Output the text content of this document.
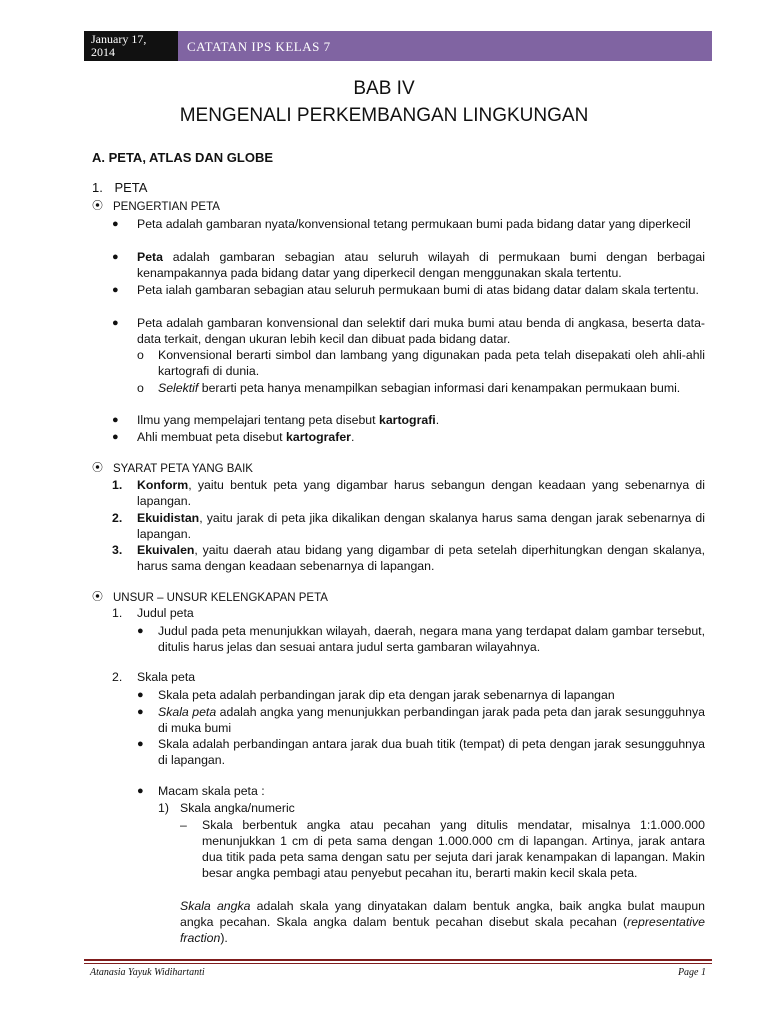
January 17,
2014	CATATAN IPS KELAS 7
BAB IV
MENGENALI PERKEMBANGAN LINGKUNGAN
A. PETA, ATLAS DAN GLOBE
1. PETA
⦿ PENGERTIAN PETA
● Peta adalah gambaran nyata/konvensional tetang permukaan bumi pada bidang datar yang diperkecil
● Peta adalah gambaran sebagian atau seluruh wilayah di permukaan bumi dengan berbagai kenampakannya pada bidang datar yang diperkecil dengan menggunakan skala tertentu.
● Peta ialah gambaran sebagian atau seluruh permukaan bumi di atas bidang datar dalam skala tertentu.
● Peta adalah gambaran konvensional dan selektif dari muka bumi atau benda di angkasa, beserta data-data terkait, dengan ukuran lebih kecil dan dibuat pada bidang datar.
o Konvensional berarti simbol dan lambang yang digunakan pada peta telah disepakati oleh ahli-ahli kartografi di dunia.
o Selektif berarti peta hanya menampilkan sebagian informasi dari kenampakan permukaan bumi.
● Ilmu yang mempelajari tentang peta disebut kartografi.
● Ahli membuat peta disebut kartografer.
⦿ SYARAT PETA YANG BAIK
1. Konform, yaitu bentuk peta yang digambar harus sebangun dengan keadaan yang sebenarnya di lapangan.
2. Ekuidistan, yaitu jarak di peta jika dikalikan dengan skalanya harus sama dengan jarak sebenarnya di lapangan.
3. Ekuivalen, yaitu daerah atau bidang yang digambar di peta setelah diperhitungkan dengan skalanya, harus sama dengan keadaan sebenarnya di lapangan.
⦿ UNSUR – UNSUR KELENGKAPAN PETA
1. Judul peta
● Judul pada peta menunjukkan wilayah, daerah, negara mana yang terdapat dalam gambar tersebut, ditulis harus jelas dan sesuai antara judul serta gambaran wilayahnya.
2. Skala peta
● Skala peta adalah perbandingan jarak dip eta dengan jarak sebenarnya di lapangan
● Skala peta adalah angka yang menunjukkan perbandingan jarak pada peta dan jarak sesungguhnya di muka bumi
● Skala adalah perbandingan antara jarak dua buah titik (tempat) di peta dengan jarak sesungguhnya di lapangan.
● Macam skala peta :
1) Skala angka/numeric
– Skala berbentuk angka atau pecahan yang ditulis mendatar, misalnya 1:1.000.000 menunjukkan 1 cm di peta sama dengan 1.000.000 cm di lapangan. Artinya, jarak antara dua titik pada peta sama dengan satu per sejuta dari jarak kenampakan di lapangan. Makin besar angka pembagi atau penyebut pecahan itu, berarti makin kecil skala peta.
Skala angka adalah skala yang dinyatakan dalam bentuk angka, baik angka bulat maupun angka pecahan. Skala angka dalam bentuk pecahan disebut skala pecahan (representative fraction).
Atanasia Yayuk Widihartanti	Page 1
